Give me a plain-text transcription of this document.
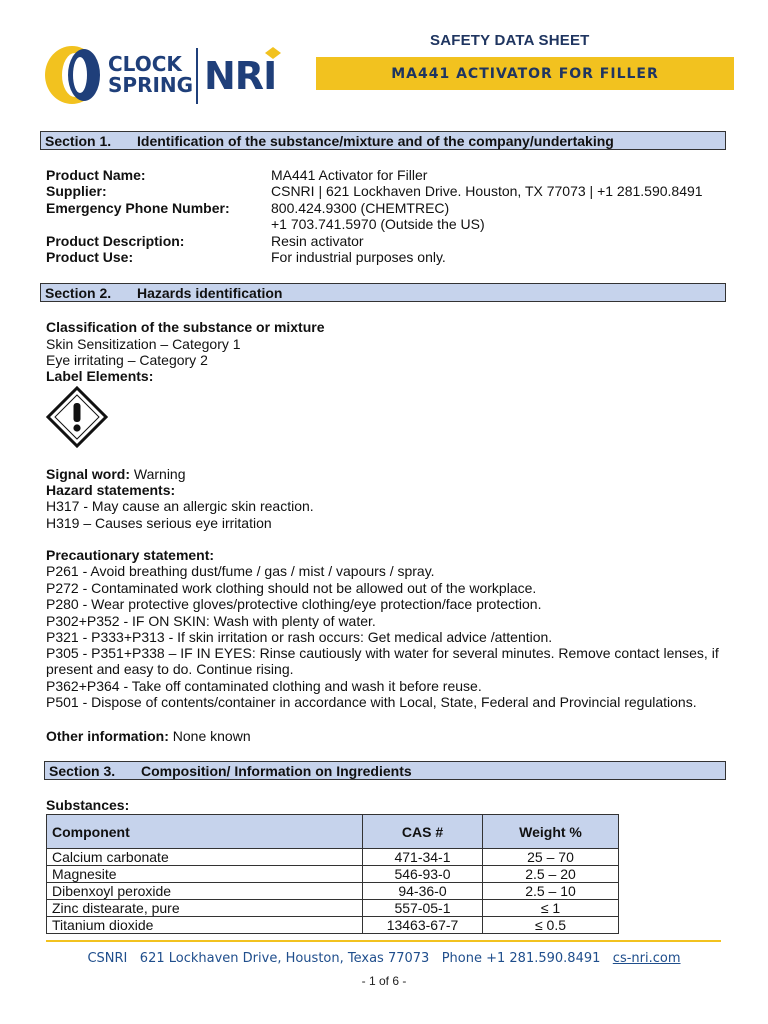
CLOCK
SPRING NRI
SAFETY DATA SHEET
MA441 ACTIVATOR FOR FILLER
Section 1.	Identification of the substance/mixture and of the company/undertaking
Product Name:	MA441 Activator for Filler
Supplier:	CSNRI | 621 Lockhaven Drive. Houston, TX 77073 | +1 281.590.8491
Emergency Phone Number:	800.424.9300 (CHEMTREC)
+1 703.741.5970 (Outside the US)
Product Description:	Resin activator
Product Use:	For industrial purposes only.
Section 2.	Hazards identification
Classification of the substance or mixture
Skin Sensitization – Category 1
Eye irritating – Category 2
Label Elements:
Signal word: Warning
Hazard statements:
H317 - May cause an allergic skin reaction.
H319 – Causes serious eye irritation
Precautionary statement:
P261 - Avoid breathing dust/fume / gas / mist / vapours / spray.
P272 - Contaminated work clothing should not be allowed out of the workplace.
P280 - Wear protective gloves/protective clothing/eye protection/face protection.
P302+P352 - IF ON SKIN: Wash with plenty of water.
P321 - P333+P313 - If skin irritation or rash occurs: Get medical advice /attention.
P305 - P351+P338 – IF IN EYES: Rinse cautiously with water for several minutes. Remove contact lenses, if
present and easy to do. Continue rising.
P362+P364 - Take off contaminated clothing and wash it before reuse.
P501 - Dispose of contents/container in accordance with Local, State, Federal and Provincial regulations.
Other information: None known
Section 3.	Composition/ Information on Ingredients
Substances:
Component	CAS #	Weight %
Calcium carbonate	471-34-1	25 – 70
Magnesite	546-93-0	2.5 – 20
Dibenxoyl peroxide	94-36-0	2.5 – 10
Zinc distearate, pure	557-05-1	≤ 1
Titanium dioxide	13463-67-7	≤ 0.5
CSNRI 621 Lockhaven Drive, Houston, Texas 77073 Phone +1 281.590.8491 cs-nri.com
- 1 of 6 -
